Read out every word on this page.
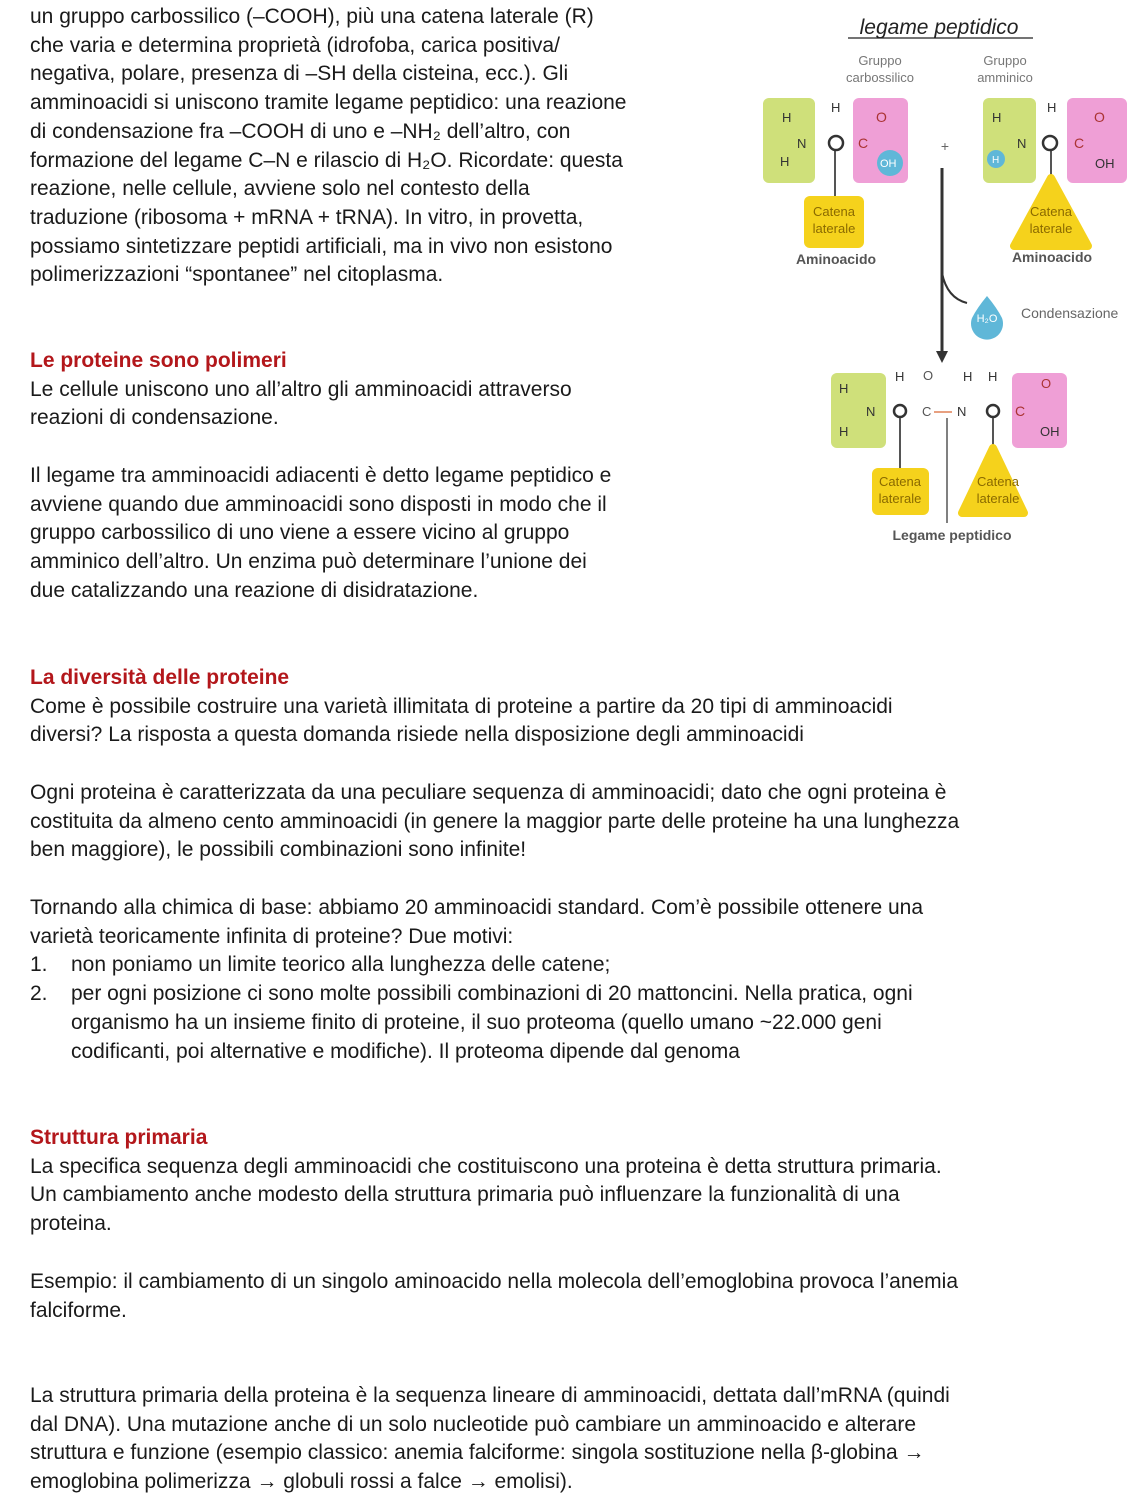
un gruppo carbossilico (–COOH), più una catena laterale (R)
che varia e determina proprietà (idrofoba, carica positiva/
negativa, polare, presenza di –SH della cisteina, ecc.). Gli
amminoacidi si uniscono tramite legame peptidico: una reazione
di condensazione fra –COOH di uno e –NH₂ dell’altro, con
formazione del legame C–N e rilascio di H₂O. Ricordate: questa
reazione, nelle cellule, avviene solo nel contesto della
traduzione (ribosoma + mRNA + tRNA). In vitro, in provetta,
possiamo sintetizzare peptidi artificiali, ma in vivo non esistono
polimerizzazioni “spontanee” nel citoplasma.
Le proteine sono polimeri
Le cellule uniscono uno all’altro gli amminoacidi attraverso
reazioni di condensazione.
Il legame tra amminoacidi adiacenti è detto legame peptidico e
avviene quando due amminoacidi sono disposti in modo che il
gruppo carbossilico di uno viene a essere vicino al gruppo
amminico dell’altro. Un enzima può determinare l’unione dei
due catalizzando una reazione di disidratazione.
La diversità delle proteine
Come è possibile costruire una varietà illimitata di proteine a partire da 20 tipi di amminoacidi
diversi? La risposta a questa domanda risiede nella disposizione degli amminoacidi
Ogni proteina è caratterizzata da una peculiare sequenza di amminoacidi; dato che ogni proteina è
costituita da almeno cento amminoacidi (in genere la maggior parte delle proteine ha una lunghezza
ben maggiore), le possibili combinazioni sono infinite!
Tornando alla chimica di base: abbiamo 20 amminoacidi standard. Com’è possibile ottenere una
varietà teoricamente infinita di proteine? Due motivi:
1. non poniamo un limite teorico alla lunghezza delle catene;
2. per ogni posizione ci sono molte possibili combinazioni di 20 mattoncini. Nella pratica, ogni
organismo ha un insieme finito di proteine, il suo proteoma (quello umano ~22.000 geni
codificanti, poi alternative e modifiche). Il proteoma dipende dal genoma
Struttura primaria
La specifica sequenza degli amminoacidi che costituiscono una proteina è detta struttura primaria.
Un cambiamento anche modesto della struttura primaria può influenzare la funzionalità di una
proteina.
Esempio: il cambiamento di un singolo aminoacido nella molecola dell’emoglobina provoca l’anemia
falciforme.
La struttura primaria della proteina è la sequenza lineare di amminoacidi, dettata dall’mRNA (quindi
dal DNA). Una mutazione anche di un solo nucleotide può cambiare un amminoacido e alterare
struttura e funzione (esempio classico: anemia falciforme: singola sostituzione nella β-globina →
emoglobina polimerizza → globuli rossi a falce → emolisi).
legame peptidico
Gruppo carbossilico
Gruppo amminico
H
N
H
H
C
O
OH
Catena laterale
Aminoacido
+
H
N
H
H
C
O
OH
Catena laterale
Aminoacido
H₂O Condensazione
H
N
H
H O
C N
H H
C
O
OH
Catena laterale
Catena laterale
Legame peptidico
